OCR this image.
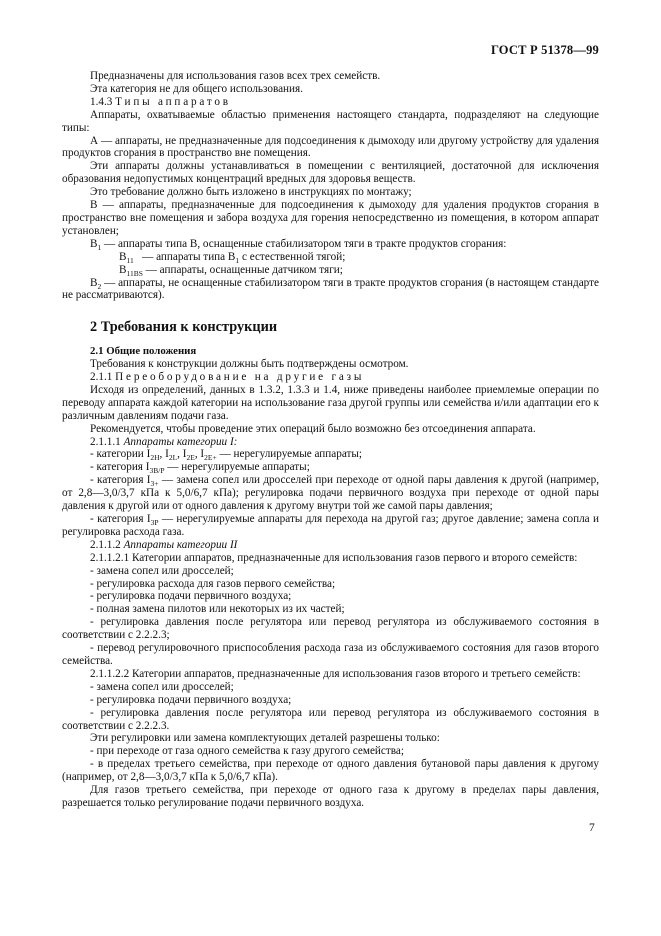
ГОСТ Р 51378—99

Предназначены для использования газов всех трех семейств.

Эта категория не для общего использования.

1.4.3 Типы аппаратов

Аппараты, охватываемые областью применения настоящего стандарта, подразделяют на следующие типы:

А — аппараты, не предназначенные для подсоединения к дымоходу или другому устройству для удаления продуктов сгорания в пространство вне помещения.

Эти аппараты должны устанавливаться в помещении с вентиляцией, достаточной для исключения образования недопустимых концентраций вредных для здоровья веществ.

Это требование должно быть изложено в инструкциях по монтажу;

В — аппараты, предназначенные для подсоединения к дымоходу для удаления продуктов сгорания в пространство вне помещения и забора воздуха для горения непосредственно из помещения, в котором аппарат установлен;

$В_1$ — аппараты типа В, оснащенные стабилизатором тяги в тракте продуктов сгорания:

$В_{11}$   — аппараты типа $В_1$ с естественной тягой;

$В_{11BS}$ — аппараты, оснащенные датчиком тяги;

$В_2$ — аппараты, не оснащенные стабилизатором тяги в тракте продуктов сгорания (в настоящем стандарте не рассматриваются).

2 Требования к конструкции

2.1 Общие положения

Требования к конструкции должны быть подтверждены осмотром.

2.1.1 Переоборудование на другие газы

Исходя из определений, данных в 1.3.2, 1.3.3 и 1.4, ниже приведены наиболее приемлемые операции по переводу аппарата каждой категории на использование газа другой группы или семейства и/или адаптации его к различным давлениям подачи газа.

Рекомендуется, чтобы проведение этих операций было возможно без отсоединения аппарата.

2.1.1.1 Аппараты категории I:

- категории $I_{2H}$, $I_{2L}$, $I_{2E}$, $I_{2E+}$ — нерегулируемые аппараты;

- категория $I_{3B/P}$ — нерегулируемые аппараты;

- категория $I_{3+}$ — замена сопел или дросселей при переходе от одной пары давления к другой (например, от 2,8—3,0/3,7 кПа к 5,0/6,7 кПа); регулировка подачи первичного воздуха при переходе от одной пары давления к другой или от одного давления к другому внутри той же самой пары давления;

- категория $I_{3P}$ — нерегулируемые аппараты для перехода на другой газ; другое давление; замена сопла и регулировка расхода газа.

2.1.1.2 Аппараты категории II

2.1.1.2.1 Категории аппаратов, предназначенные для использования газов первого и второго семейств:

- замена сопел или дросселей;

- регулировка расхода для газов первого семейства;

- регулировка подачи первичного воздуха;

- полная замена пилотов или некоторых из их частей;

- регулировка давления после регулятора или перевод регулятора из обслуживаемого состояния в соответствии с 2.2.2.3;

- перевод регулировочного приспособления расхода газа из обслуживаемого состояния для газов второго семейства.

2.1.1.2.2 Категории аппаратов, предназначенные для использования газов второго и третьего семейств:

- замена сопел или дросселей;

- регулировка подачи первичного воздуха;

- регулировка давления после регулятора или перевод регулятора из обслуживаемого состояния в соответствии с 2.2.2.3.

Эти регулировки или замена комплектующих деталей разрешены только:

- при переходе от газа одного семейства к газу другого семейства;

- в пределах третьего семейства, при переходе от одного давления бутановой пары давления к другому (например, от 2,8—3,0/3,7 кПа к 5,0/6,7 кПа).

Для газов третьего семейства, при переходе от одного газа к другому в пределах пары давления, разрешается только регулирование подачи первичного воздуха.

7
